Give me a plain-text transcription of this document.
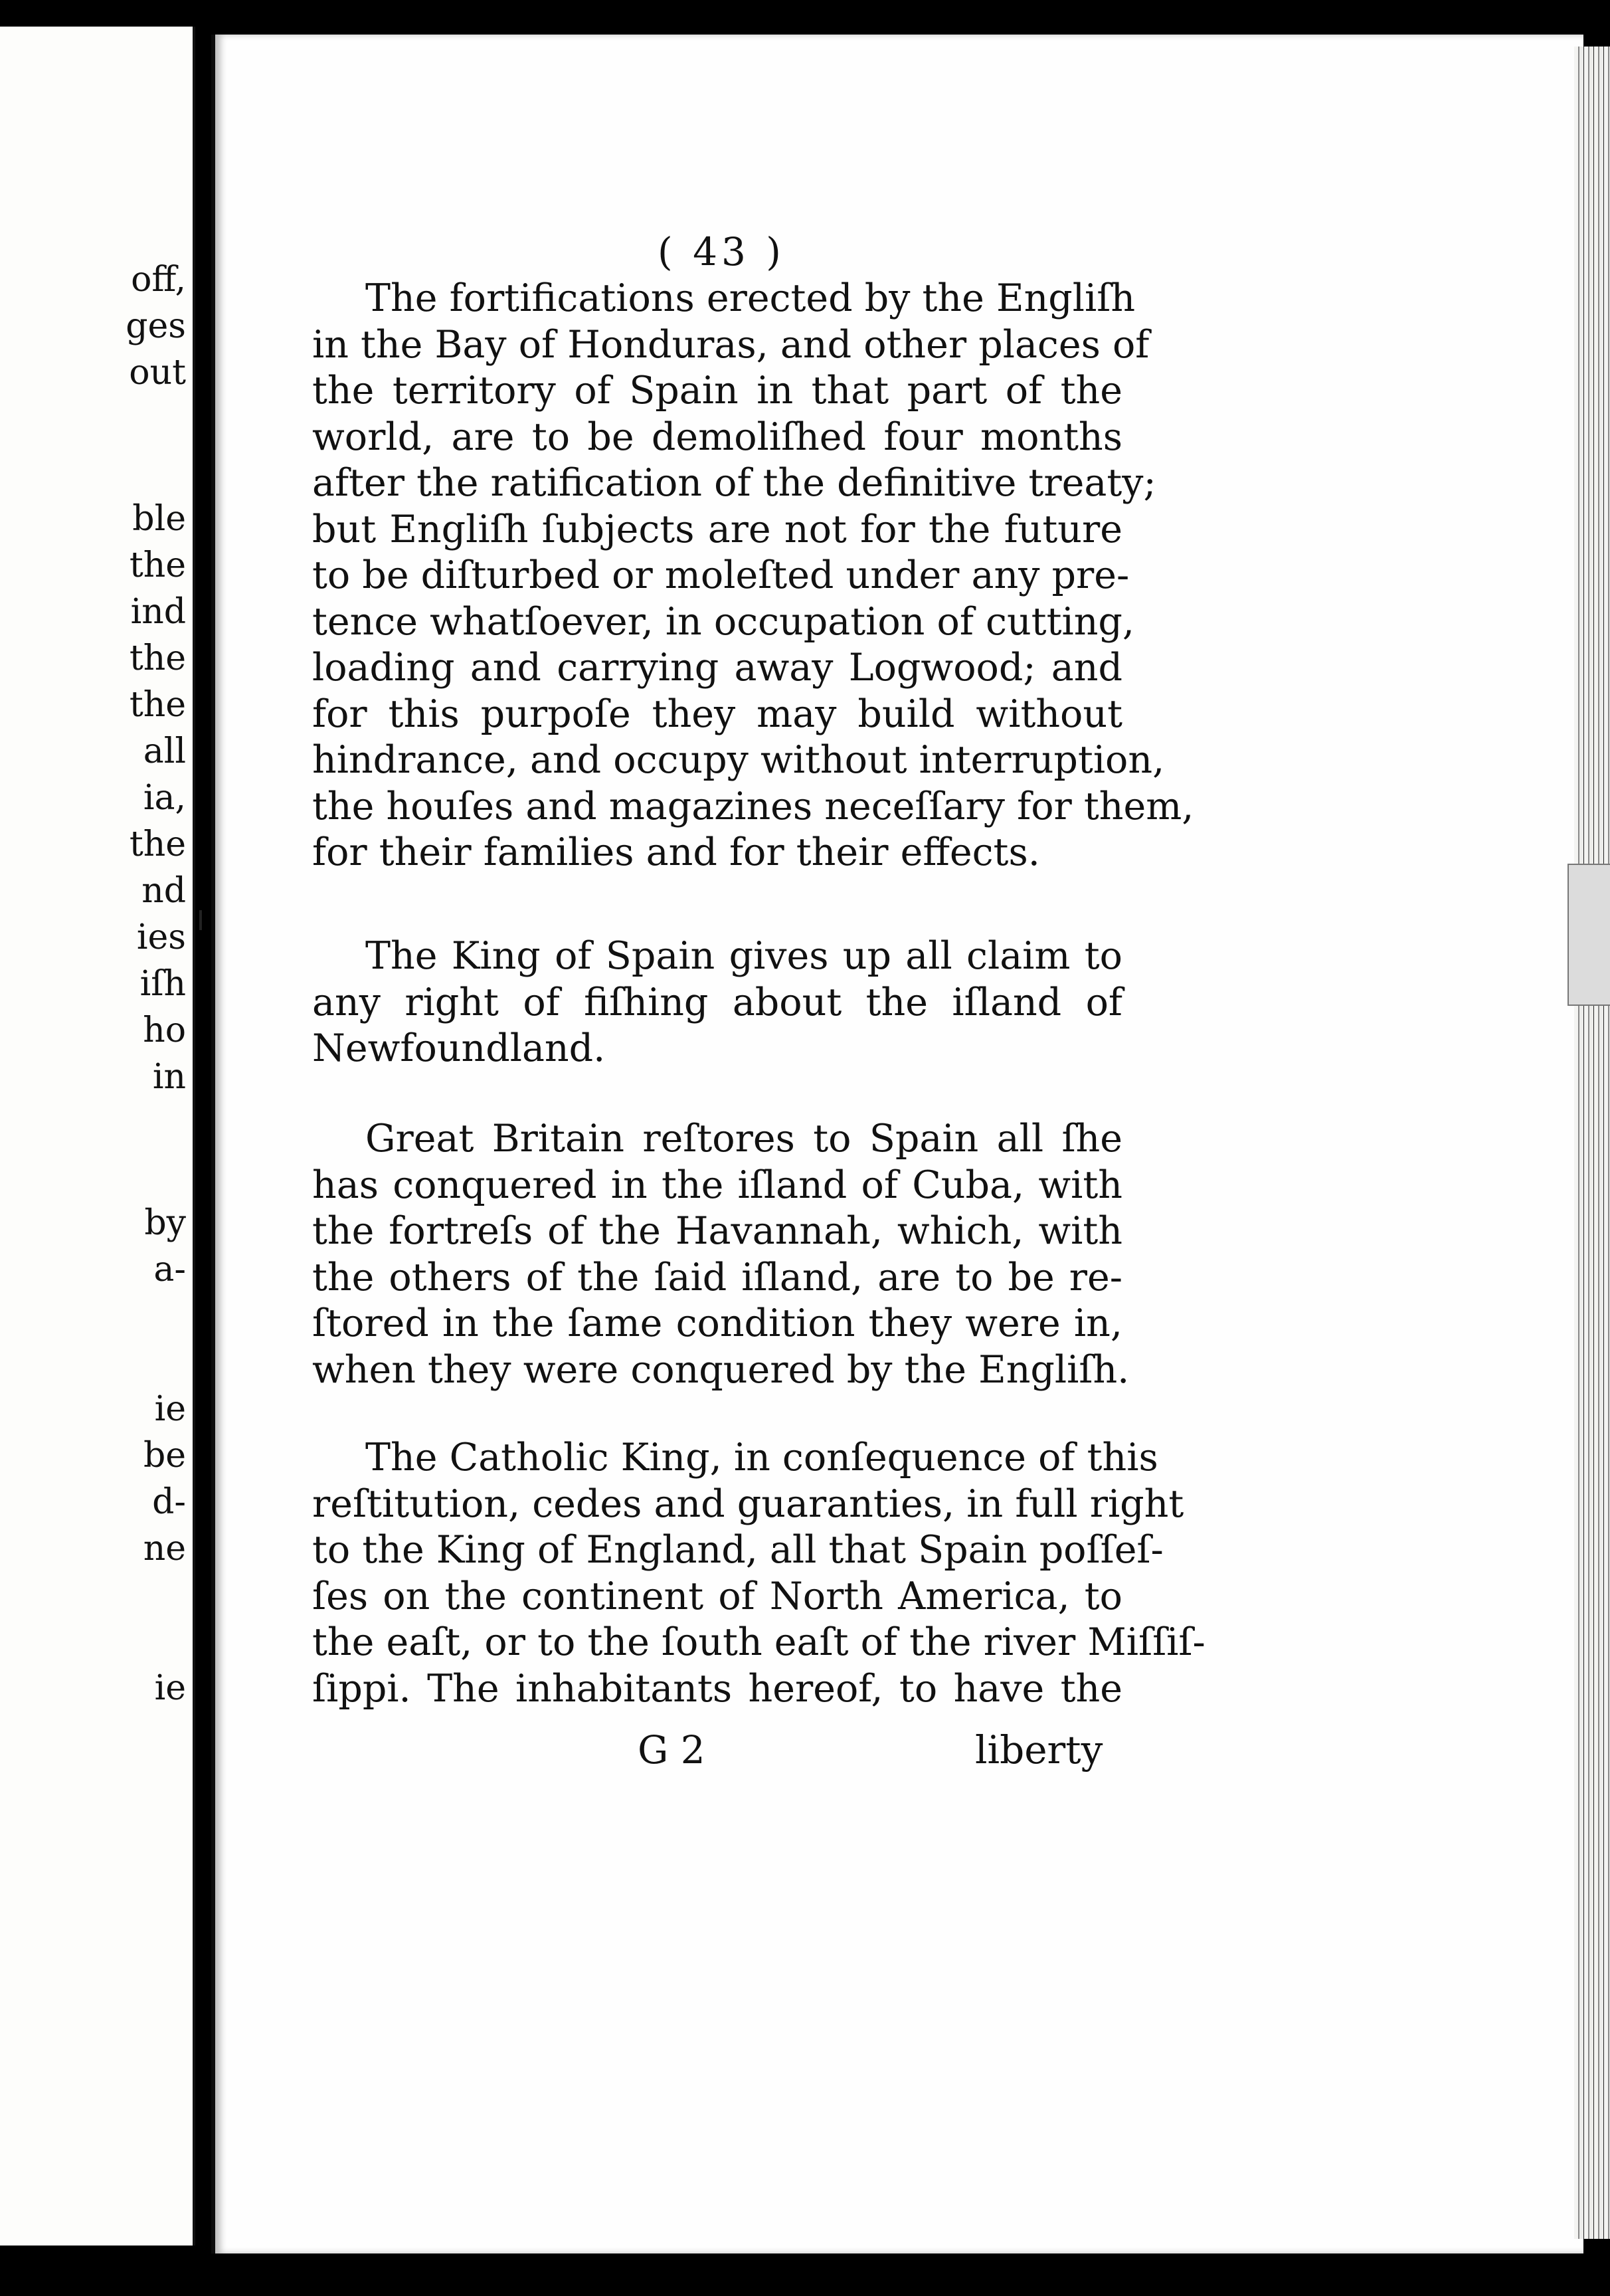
off,
ges
out
ble
the
ind
the
the
all
ia,
the
nd
ies
iſh
ho
in
by
a-
ie
be
d-
ne
ie
( 43 )
The fortifications erected by the Engliſh
in the Bay of Honduras, and other places of
the territory of Spain in that part of the
world, are to be demoliſhed four months
after the ratification of the definitive treaty;
but Engliſh ſubjects are not for the future
to be diſturbed or moleſted under any pre-
tence whatſoever, in occupation of cutting,
loading and carrying away Logwood; and
for this purpoſe they may build without
hindrance, and occupy without interruption,
the houſes and magazines neceſſary for them,
for their families and for their effects.
The King of Spain gives up all claim to
any right of fiſhing about the iſland of
Newfoundland.
Great Britain reſtores to Spain all ſhe
has conquered in the iſland of Cuba, with
the fortreſs of the Havannah, which, with
the others of the ſaid iſland, are to be re-
ſtored in the ſame condition they were in,
when they were conquered by the Engliſh.
The Catholic King, in conſequence of this
reſtitution, cedes and guaranties, in full right
to the King of England, all that Spain poſſeſ-
ſes on the continent of North America, to
the eaſt, or to the ſouth eaſt of the river Miſſiſ-
ſippi. The inhabitants hereof, to have the
G 2	liberty
